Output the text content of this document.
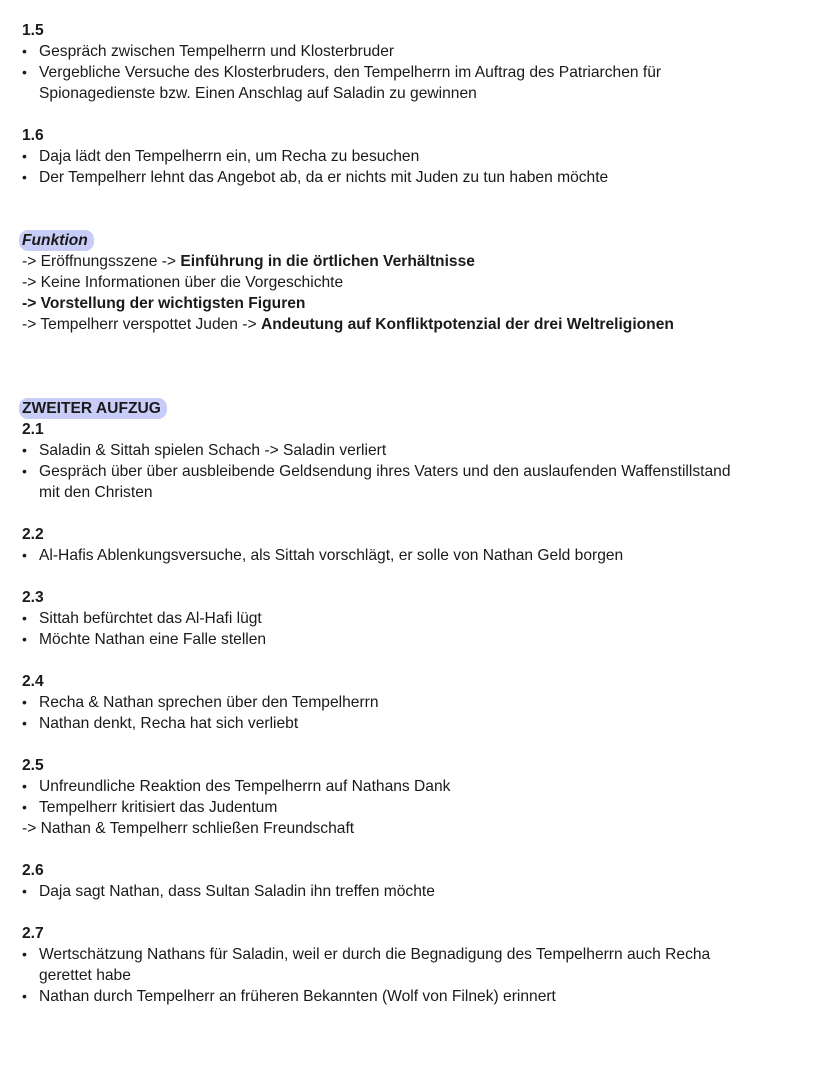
1.5
• Gespräch zwischen Tempelherrn und Klosterbruder
• Vergebliche Versuche des Klosterbruders, den Tempelherrn im Auftrag des Patriarchen für
Spionagedienste bzw. Einen Anschlag auf Saladin zu gewinnen
1.6
• Daja lädt den Tempelherrn ein, um Recha zu besuchen
• Der Tempelherr lehnt das Angebot ab, da er nichts mit Juden zu tun haben möchte
Funktion
-> Eröffnungsszene -> Einführung in die örtlichen Verhältnisse
-> Keine Informationen über die Vorgeschichte
-> Vorstellung der wichtigsten Figuren
-> Tempelherr verspottet Juden -> Andeutung auf Konfliktpotenzial der drei Weltreligionen
ZWEITER AUFZUG
2.1
• Saladin & Sittah spielen Schach -> Saladin verliert
• Gespräch über über ausbleibende Geldsendung ihres Vaters und den auslaufenden Waffenstillstand
mit den Christen
2.2
• Al-Hafis Ablenkungsversuche, als Sittah vorschlägt, er solle von Nathan Geld borgen
2.3
• Sittah befürchtet das Al-Hafi lügt
• Möchte Nathan eine Falle stellen
2.4
• Recha & Nathan sprechen über den Tempelherrn
• Nathan denkt, Recha hat sich verliebt
2.5
• Unfreundliche Reaktion des Tempelherrn auf Nathans Dank
• Tempelherr kritisiert das Judentum
-> Nathan & Tempelherr schließen Freundschaft
2.6
• Daja sagt Nathan, dass Sultan Saladin ihn treffen möchte
2.7
• Wertschätzung Nathans für Saladin, weil er durch die Begnadigung des Tempelherrn auch Recha
gerettet habe
• Nathan durch Tempelherr an früheren Bekannten (Wolf von Filnek) erinnert
